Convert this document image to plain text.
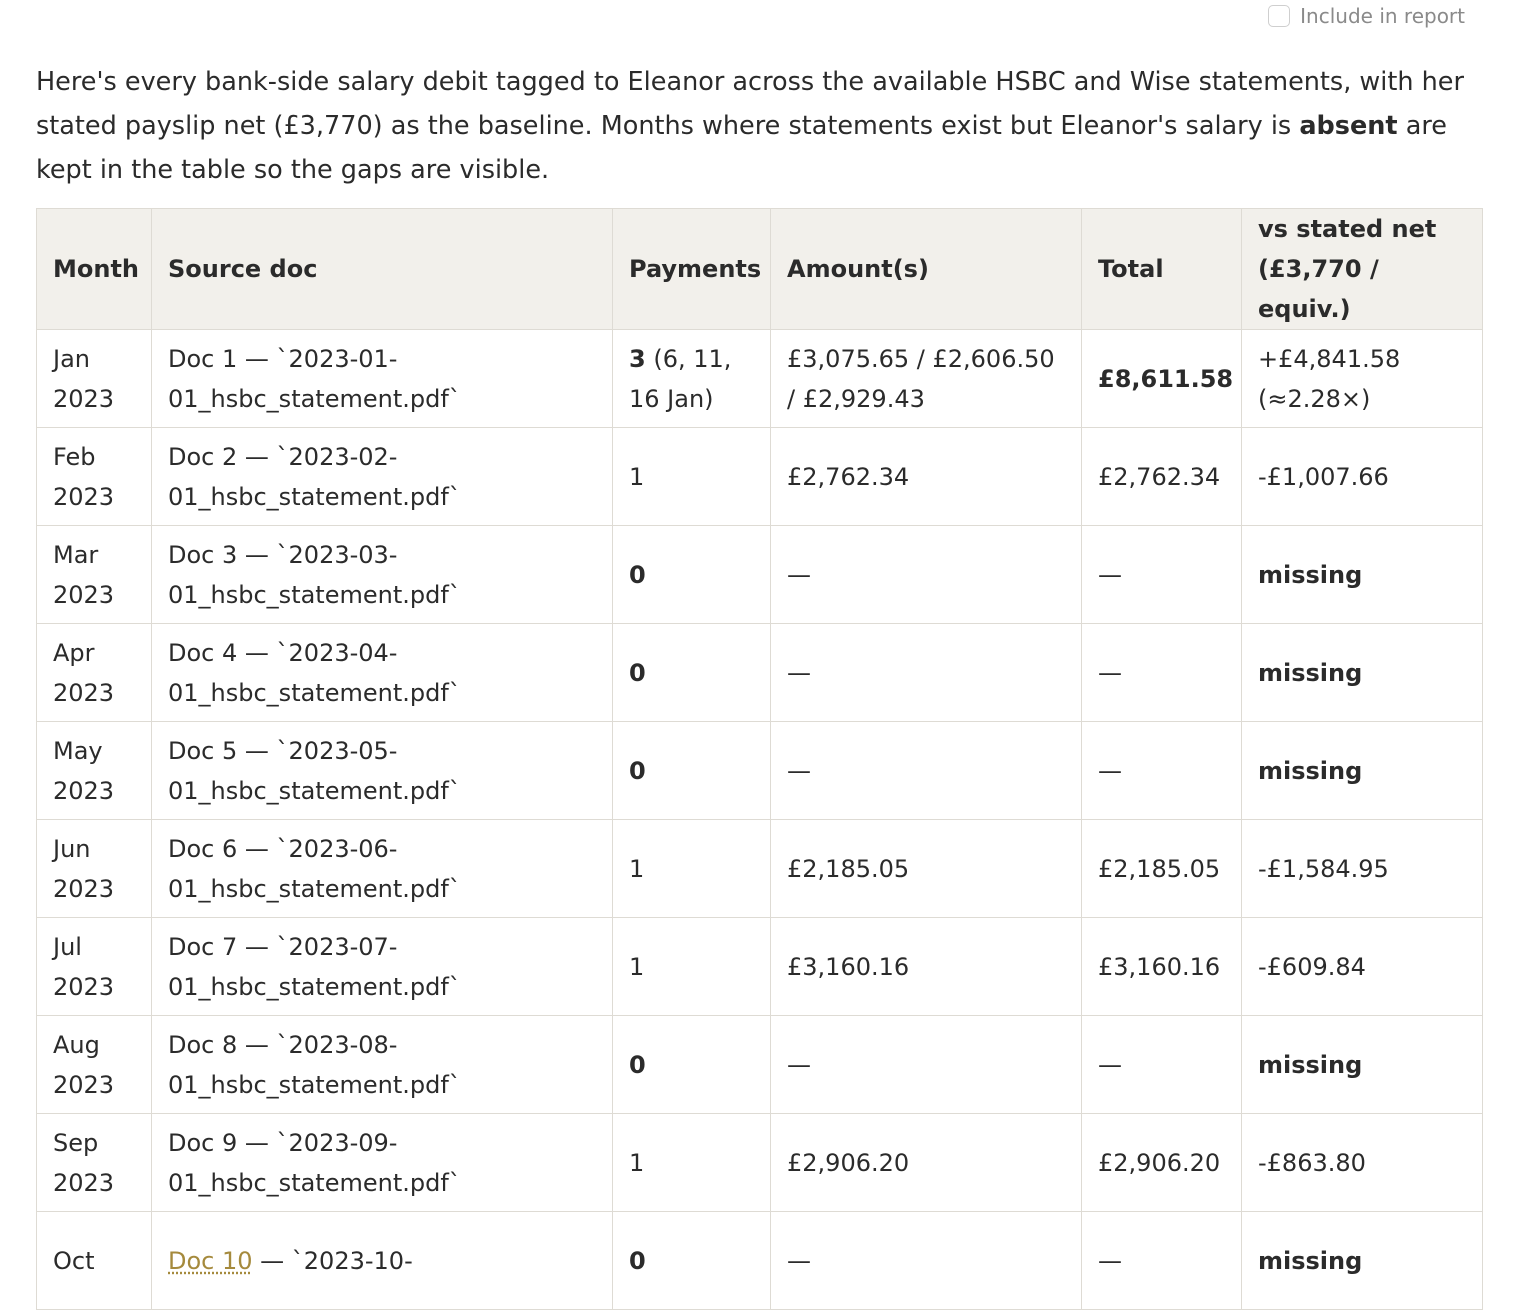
Include in report

Here's every bank-side salary debit tagged to Eleanor across the available HSBC and Wise statements, with her stated payslip net (£3,770) as the baseline. Months where statements exist but Eleanor's salary is absent are kept in the table so the gaps are visible.

Month	Source doc	Payments	Amount(s)	Total	vs stated net (£3,770 / equiv.)
Jan 2023	Doc 1 — `2023-01-01_hsbc_statement.pdf`	3 (6, 11, 16 Jan)	£3,075.65 / £2,606.50 / £2,929.43	£8,611.58	+£4,841.58 (≈2.28×)
Feb 2023	Doc 2 — `2023-02-01_hsbc_statement.pdf`	1	£2,762.34	£2,762.34	-£1,007.66
Mar 2023	Doc 3 — `2023-03-01_hsbc_statement.pdf`	0	—	—	missing
Apr 2023	Doc 4 — `2023-04-01_hsbc_statement.pdf`	0	—	—	missing
May 2023	Doc 5 — `2023-05-01_hsbc_statement.pdf`	0	—	—	missing
Jun 2023	Doc 6 — `2023-06-01_hsbc_statement.pdf`	1	£2,185.05	£2,185.05	-£1,584.95
Jul 2023	Doc 7 — `2023-07-01_hsbc_statement.pdf`	1	£3,160.16	£3,160.16	-£609.84
Aug 2023	Doc 8 — `2023-08-01_hsbc_statement.pdf`	0	—	—	missing
Sep 2023	Doc 9 — `2023-09-01_hsbc_statement.pdf`	1	£2,906.20	£2,906.20	-£863.80
Oct	Doc 10 — `2023-10-	0	—	—	missing
